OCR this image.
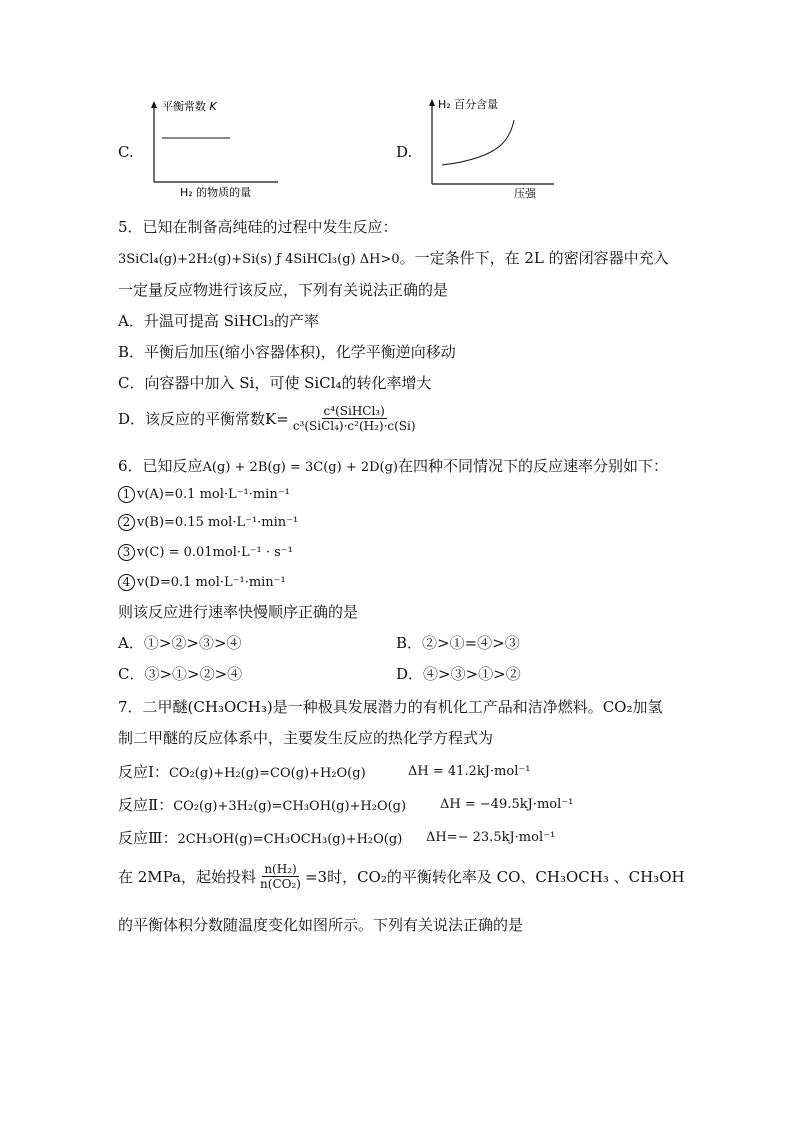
C.
平衡常数 K
H₂ 的物质的量
D.
H₂ 百分含量
压强
5．已知在制备高纯硅的过程中发生反应：
3SiCl₄(g)+2H₂(g)+Si(s) ƒ 4SiHCl₃(g) ΔH>0。一定条件下，在 2L 的密闭容器中充入
一定量反应物进行该反应，下列有关说法正确的是
A．升温可提高 SiHCl₃的产率
B．平衡后加压(缩小容器体积)，化学平衡逆向移动
C．向容器中加入 Si，可使 SiCl₄的转化率增大
D．该反应的平衡常数$K= \frac{\text{c⁴(SiHCl₃)}}{\text{c³(SiCl₄)·c²(H₂)·c(Si)}}$
6．已知反应A(g) + 2B(g) = 3C(g) + 2D(g)在四种不同情况下的反应速率分别如下：
1 v(A)=0.1 mol·L⁻¹·min⁻¹
2 v(B)=0.15 mol·L⁻¹·min⁻¹
3 v(C) = 0.01mol·L⁻¹ · s⁻¹
4 v(D=0.1 mol·L⁻¹·min⁻¹
则该反应进行速率快慢顺序正确的是
A．①>②>③>④	B．②>①=④>③
C．③>①>②>④	D．④>③>①>②
7．二甲醚(CH₃OCH₃)是一种极具发展潜力的有机化工产品和洁净燃料。CO₂加氢
制二甲醚的反应体系中，主要发生反应的热化学方程式为
反应Ⅰ：CO₂(g)+H₂(g)=CO(g)+H₂O(g)	ΔH = 41.2kJ·mol⁻¹
反应Ⅱ：CO₂(g)+3H₂(g)=CH₃OH(g)+H₂O(g)	ΔH = −49.5kJ·mol⁻¹
反应Ⅲ：2CH₃OH(g)=CH₃OCH₃(g)+H₂O(g) ΔH=− 23.5kJ·mol⁻¹
在 2MPa，起始投料 $\frac{\text{n(H₂)}}{\text{n(CO₂)}} =3$时，CO₂的平衡转化率及 CO、CH₃OCH₃ 、CH₃OH
的平衡体积分数随温度变化如图所示。下列有关说法正确的是
